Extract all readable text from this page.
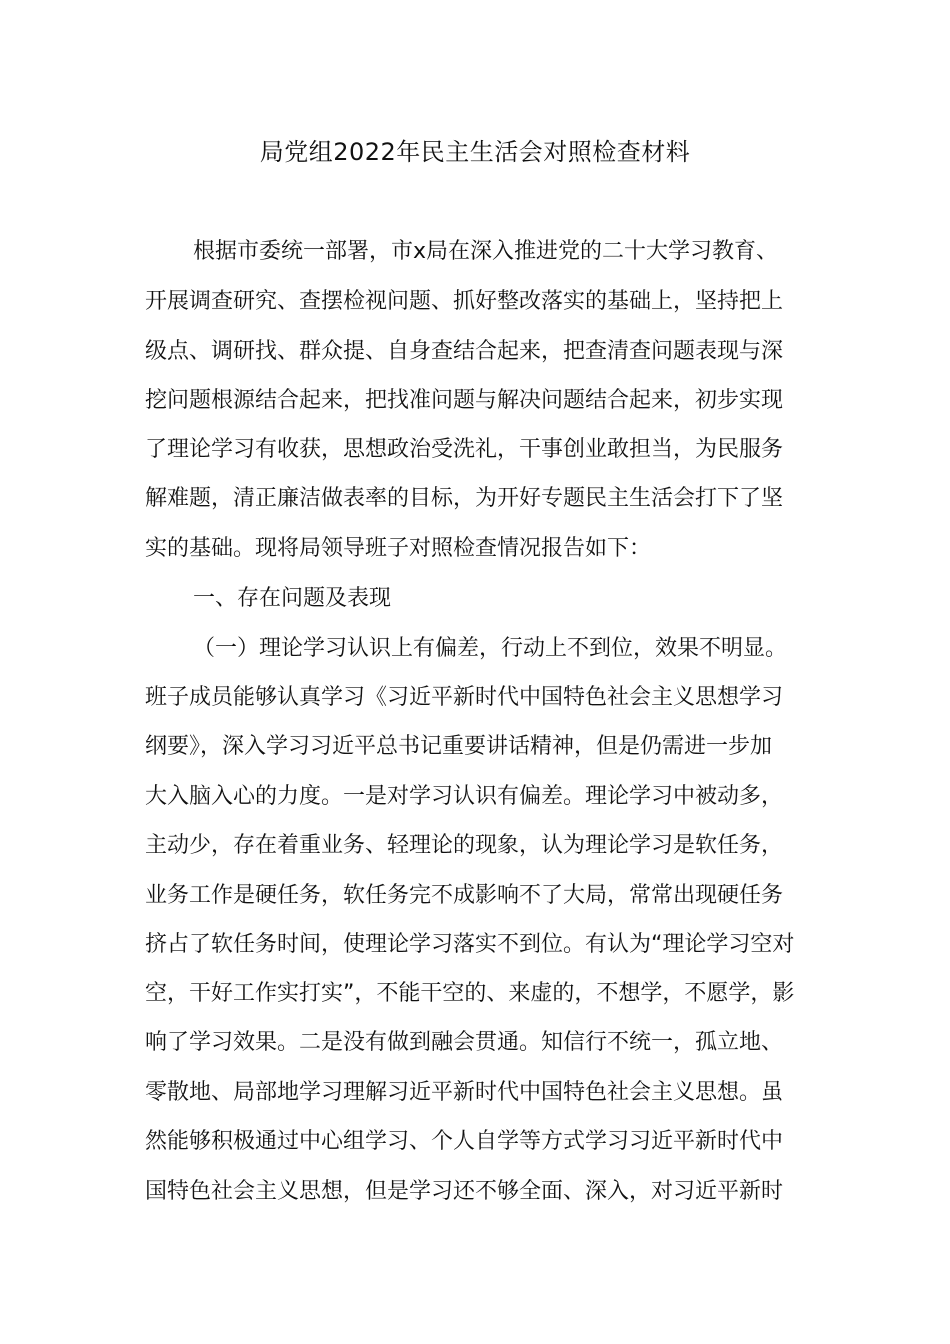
局党组2022年民主生活会对照检查材料
根据市委统一部署，市x局在深入推进党的二十大学习教育、
开展调查研究、查摆检视问题、抓好整改落实的基础上，坚持把上
级点、调研找、群众提、自身查结合起来，把查清查问题表现与深
挖问题根源结合起来，把找准问题与解决问题结合起来，初步实现
了理论学习有收获，思想政治受洗礼，干事创业敢担当，为民服务
解难题，清正廉洁做表率的目标，为开好专题民主生活会打下了坚
实的基础。现将局领导班子对照检查情况报告如下：
一、存在问题及表现
（一）理论学习认识上有偏差，行动上不到位，效果不明显。
班子成员能够认真学习《习近平新时代中国特色社会主义思想学习
纲要》，深入学习习近平总书记重要讲话精神，但是仍需进一步加
大入脑入心的力度。一是对学习认识有偏差。理论学习中被动多，
主动少，存在着重业务、轻理论的现象，认为理论学习是软任务，
业务工作是硬任务，软任务完不成影响不了大局，常常出现硬任务
挤占了软任务时间，使理论学习落实不到位。有认为“理论学习空对
空，干好工作实打实”，不能干空的、来虚的，不想学，不愿学，影
响了学习效果。二是没有做到融会贯通。知信行不统一，孤立地、
零散地、局部地学习理解习近平新时代中国特色社会主义思想。虽
然能够积极通过中心组学习、个人自学等方式学习习近平新时代中
国特色社会主义思想，但是学习还不够全面、深入，对习近平新时
